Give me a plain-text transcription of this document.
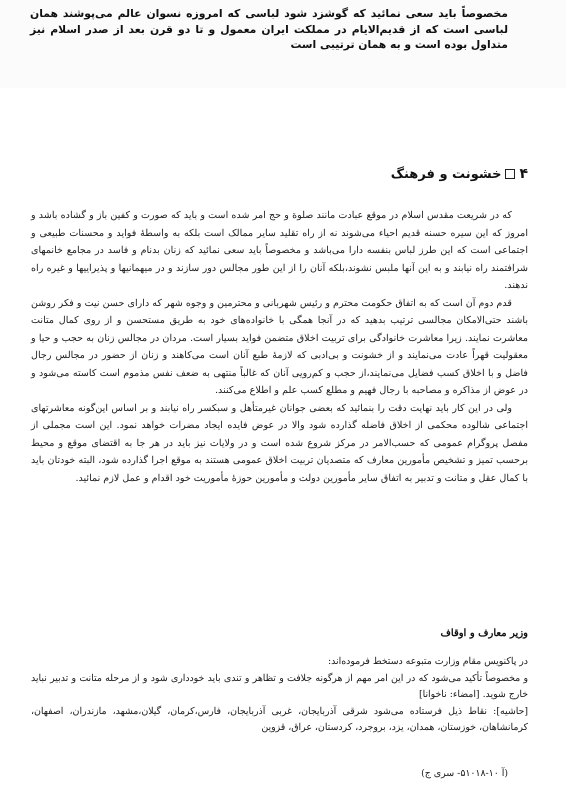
مخصوصاً باید سعی نمائید که گوشزد شود لباسی که امروزه نسوان عالم می‌پوشند همان لباسی است که از قدیم‌الایام در مملکت ایران معمول و تا دو قرن بعد از صدر اسلام نیز متداول بوده است و به همان ترتیبی است
۴
خشونت و فرهنگ

که در شریعت مقدس اسلام در موقع عبادت مانند صلوة و حج امر شده است و باید که صورت و کفین باز و گشاده باشد و امروز که این سیره حسنه قدیم احیاء می‌شوند نه از راه تقلید سایر ممالک است بلکه به واسطهٔ فواید و محسنات طبیعی و اجتماعی است که این طرز لباس بنفسه دارا می‌باشد و مخصوصاً باید سعی نمائید که زنان بدنام و فاسد در مجامع خانمهای شرافتمند راه نیابند و به این آنها ملبس نشوند،بلکه آنان را از این طور مجالس دور سازند و در میهمانیها و پذیراییها و غیره راه ندهند.

قدم دوم آن است که به اتفاق حکومت محترم و رئیس شهربانی و محترمین و وجوه شهر که دارای حسن نیت و فکر روشن باشند حتی‌الامکان مجالسی ترتیب بدهید که در آنجا همگی با خانواده‌های خود به طریق مستحسن و از روی کمال متانت معاشرت نمایند. زیرا معاشرت خانوادگی برای تربیت اخلاق متضمن فواید بسیار است. مردان در مجالس زنان به حجب و حیا و معقولیت قهراً عادت می‌نمایند و از خشونت و بی‌ادبی که لازمهٔ طبع آنان است می‌کاهند و زنان از حضور در مجالس رجال فاضل و با اخلاق کسب فضایل می‌نمایند،از حجب و کم‌رویی آنان که غالباً منتهی به ضعف نفس مذموم است کاسته می‌شود و در عوض از مذاکره و مصاحبه با رجال فهیم و مطلع کسب علم و اطلاع می‌کنند.

ولی در این کار باید نهایت دقت را بنمائید که بعضی جوانان غیرمتأهل و سبکسر راه نیابند و بر اساس این‌گونه معاشرتهای اجتماعی شالوده محکمی از اخلاق فاضله گذارده شود والا در عوض فایده ایجاد مضرات خواهد نمود. این است مجملی از مفصل پروگرام عمومی که حسب‌الامر در مرکز شروع شده است و در ولایات نیز باید در هر جا به اقتضای موقع و محیط برحسب تمیز و تشخیص مأمورین معارف که متصدیان تربیت اخلاق عمومی هستند به موقع اجرا گذارده شود، البته خودتان باید با کمال عقل و متانت و تدبیر به اتفاق سایر مأمورین دولت و مأمورین حوزهٔ مأموریت خود اقدام و عمل لازم نمائید.

وزیر معارف و اوقاف

در پاکنویس مقام وزارت متبوعه دستخط فرموده‌اند:

و مخصوصاً تأکید می‌شود که در این امر مهم از هرگونه جلافت و تظاهر و تندی باید خودداری شود و از مرحله متانت و تدبیر نباید خارج شوید. [امضاء: ناخوانا]

[حاشیه]: نقاط ذیل فرستاده می‌شود شرقی آذربایجان، غربی آذربایجان، فارس،کرمان، گیلان،مشهد، مازندران، اصفهان، کرمانشاهان، خوزستان، همدان، یزد، بروجرد، کردستان، عراق، قزوین

(آ ۱۰-۵۱۰۱۸- سری ج)
